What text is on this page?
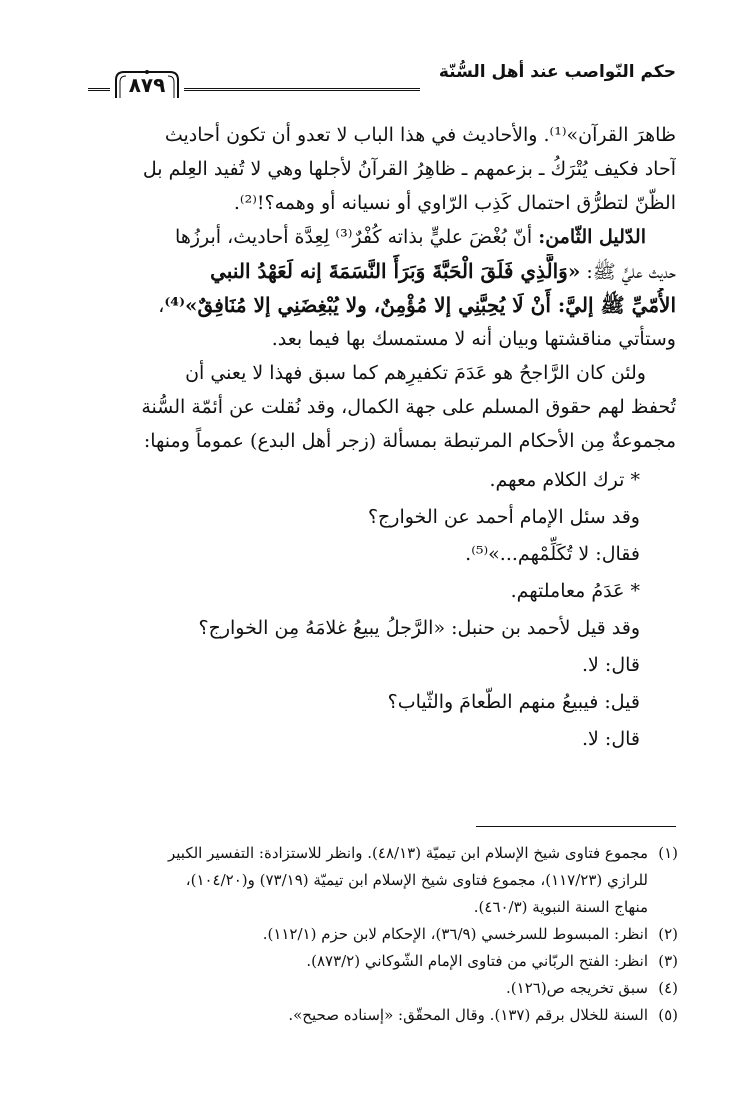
٨٧٩
حكم النّواصب عند أهل السُّنّة
ظاهرَ القرآن»⁽¹⁾. والأحاديث في هذا الباب لا تعدو أن تكون أحاديث
آحاد فكيف يُتْرَكُ ـ بزعمهم ـ ظاهِرُ القرآنُ لأجلها وهي لا تُفيد العِلم بل
الظّنّ لتطرُّق احتمال كَذِب الرّاوي أو نسيانه أو وهمه؟!⁽²⁾.
الدّليل الثّامن: أنّ بُغْضَ عليٍّ بذاته كُفْرٌ⁽³⁾ لِعِدَّة أحاديث، أبرزُها
حديث عليٍّ ﷺ: «وَالَّذِي فَلَقَ الْحَبَّةَ وَبَرَأَ النَّسَمَةَ إنه لَعَهْدُ النبي
الأُمّيِّ ﷺ إليَّ: أَنْ لَا يُحِبَّنِي إلا مُؤْمِنٌ، ولا يُبْغِضَنِي إلا مُنَافِقٌ»⁽⁴⁾،
وستأتي مناقشتها وبيان أنه لا مستمسك بها فيما بعد.
ولئن كان الرَّاجحُ هو عَدَمَ تكفيرِهم كما سبق فهذا لا يعني أن
تُحفظ لهم حقوق المسلم على جهة الكمال، وقد نُقلت عن أئمّة السُّنة
مجموعةٌ مِن الأحكام المرتبطة بمسألة (زجر أهل البدع) عموماً ومنها:
* ترك الكلام معهم.
وقد سئل الإمام أحمد عن الخوارج؟
فقال: لا تُكَلِّمْهم...»⁽⁵⁾.
* عَدَمُ معاملتهم.
وقد قيل لأحمد بن حنبل: «الرَّجلُ يبيعُ غلامَهُ مِن الخوارج؟
قال: لا.
قيل: فيبيعُ منهم الطّعامَ والثّياب؟
قال: لا.
(١)مجموع فتاوى شيخ الإسلام ابن تيميّة (٤٨/١٣). وانظر للاستزادة: التفسير الكبير
للرازي (١١٧/٢٣)، مجموع فتاوى شيخ الإسلام ابن تيميّة (٧٣/١٩) و(١٠٤/٢٠)،
منهاج السنة النبوية (٤٦٠/٣).
(٢)انظر: المبسوط للسرخسي (٣٦/٩)، الإحكام لابن حزم (١١٢/١).
(٣)انظر: الفتح الربّاني من فتاوى الإمام الشّوكاني (٨٧٣/٢).
(٤)سبق تخريجه ص(١٢٦).
(٥)السنة للخلال برقم (١٣٧). وقال المحقّق: «إسناده صحيح».
